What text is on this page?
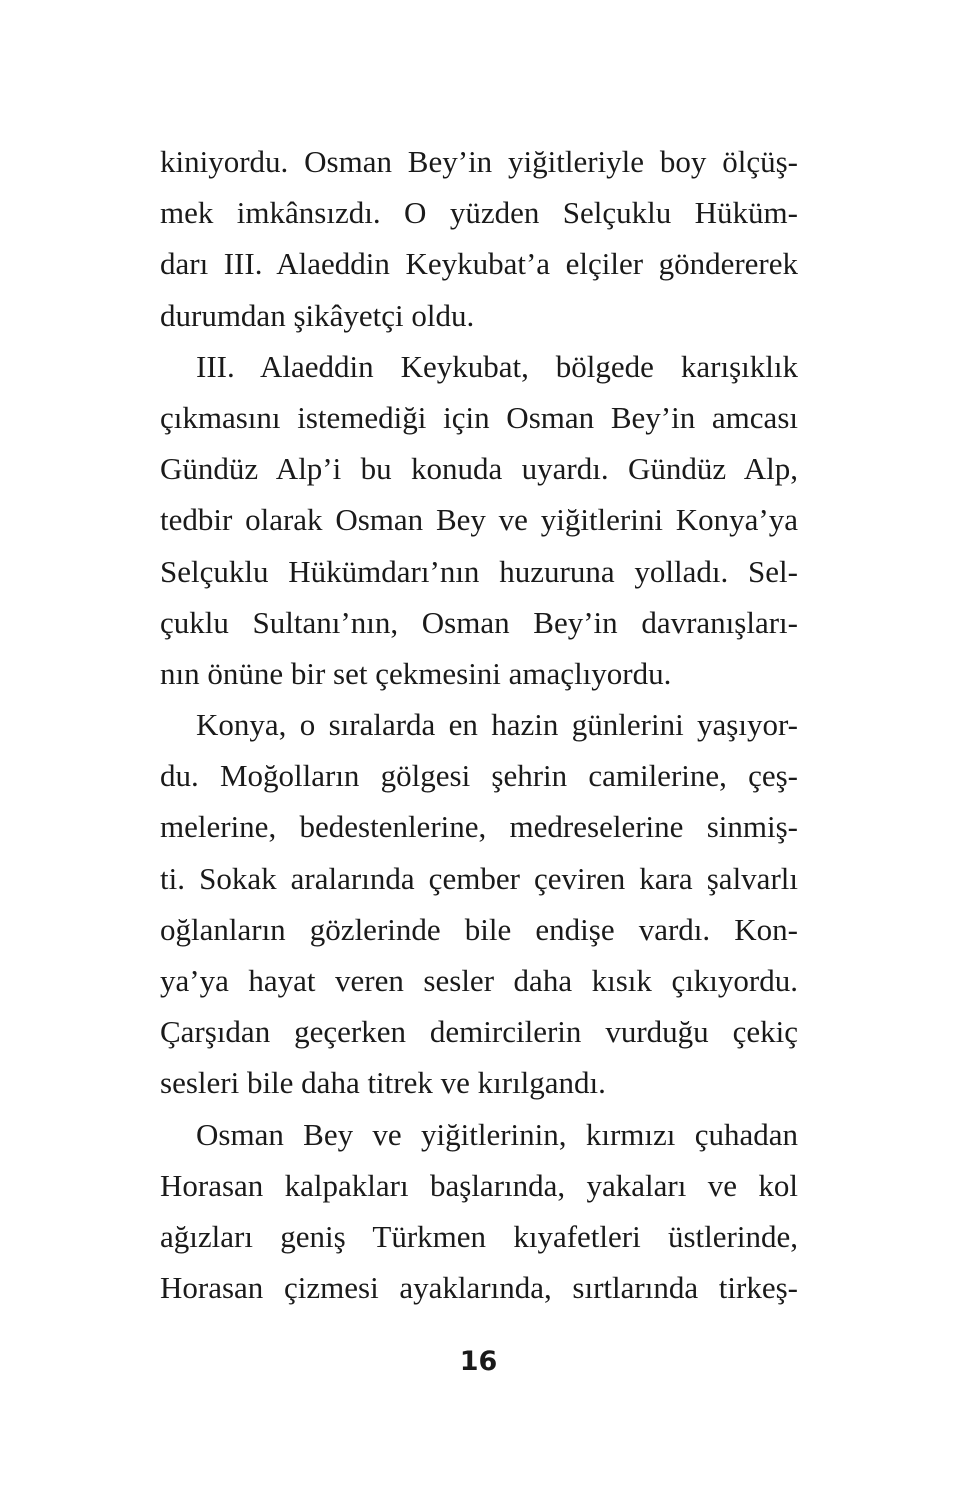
kiniyordu. Osman Bey’in yiğitleriyle boy ölçüş-
mek imkânsızdı. O yüzden Selçuklu Hüküm-
darı III. Alaeddin Keykubat’a elçiler göndererek
durumdan şikâyetçi oldu.

III. Alaeddin Keykubat, bölgede karışıklık
çıkmasını istemediği için Osman Bey’in amcası
Gündüz Alp’i bu konuda uyardı. Gündüz Alp,
tedbir olarak Osman Bey ve yiğitlerini Konya’ya
Selçuklu Hükümdarı’nın huzuruna yolladı. Sel-
çuklu Sultanı’nın, Osman Bey’in davranışları-
nın önüne bir set çekmesini amaçlıyordu.

Konya, o sıralarda en hazin günlerini yaşıyor-
du. Moğolların gölgesi şehrin camilerine, çeş-
melerine, bedestenlerine, medreselerine sinmiş-
ti. Sokak aralarında çember çeviren kara şalvarlı
oğlanların gözlerinde bile endişe vardı. Kon-
ya’ya hayat veren sesler daha kısık çıkıyordu.
Çarşıdan geçerken demircilerin vurduğu çekiç
sesleri bile daha titrek ve kırılgandı.

Osman Bey ve yiğitlerinin, kırmızı çuhadan
Horasan kalpakları başlarında, yakaları ve kol
ağızları geniş Türkmen kıyafetleri üstlerinde,
Horasan çizmesi ayaklarında, sırtlarında tirkeş-

16
